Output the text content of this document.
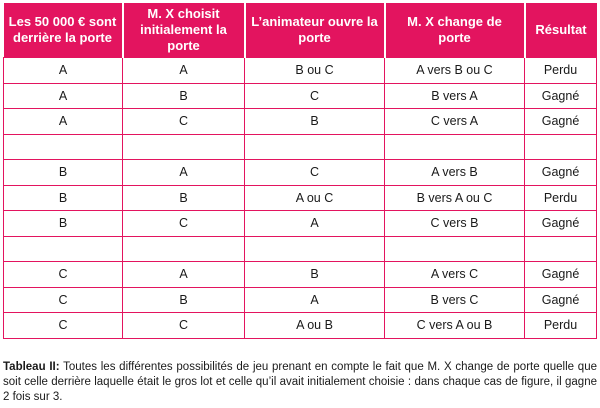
Les 50 000 € sont derrière la porte	M. X choisit initialement la porte	L’animateur ouvre la porte	M. X change de porte	Résultat
A	A	B ou C	A vers B ou C	Perdu
A	B	C	B vers A	Gagné
A	C	B	C vers A	Gagné

B	A	C	A vers B	Gagné
B	B	A ou C	B vers A ou C	Perdu
B	C	A	C vers B	Gagné

C	A	B	A vers C	Gagné
C	B	A	B vers C	Gagné
C	C	A ou B	C vers A ou B	Perdu
Tableau II: Toutes les différentes possibilités de jeu prenant en compte le fait que M. X change de porte quelle que soit celle derrière laquelle était le gros lot et celle qu’il avait initialement choisie : dans chaque cas de figure, il gagne 2 fois sur 3.
